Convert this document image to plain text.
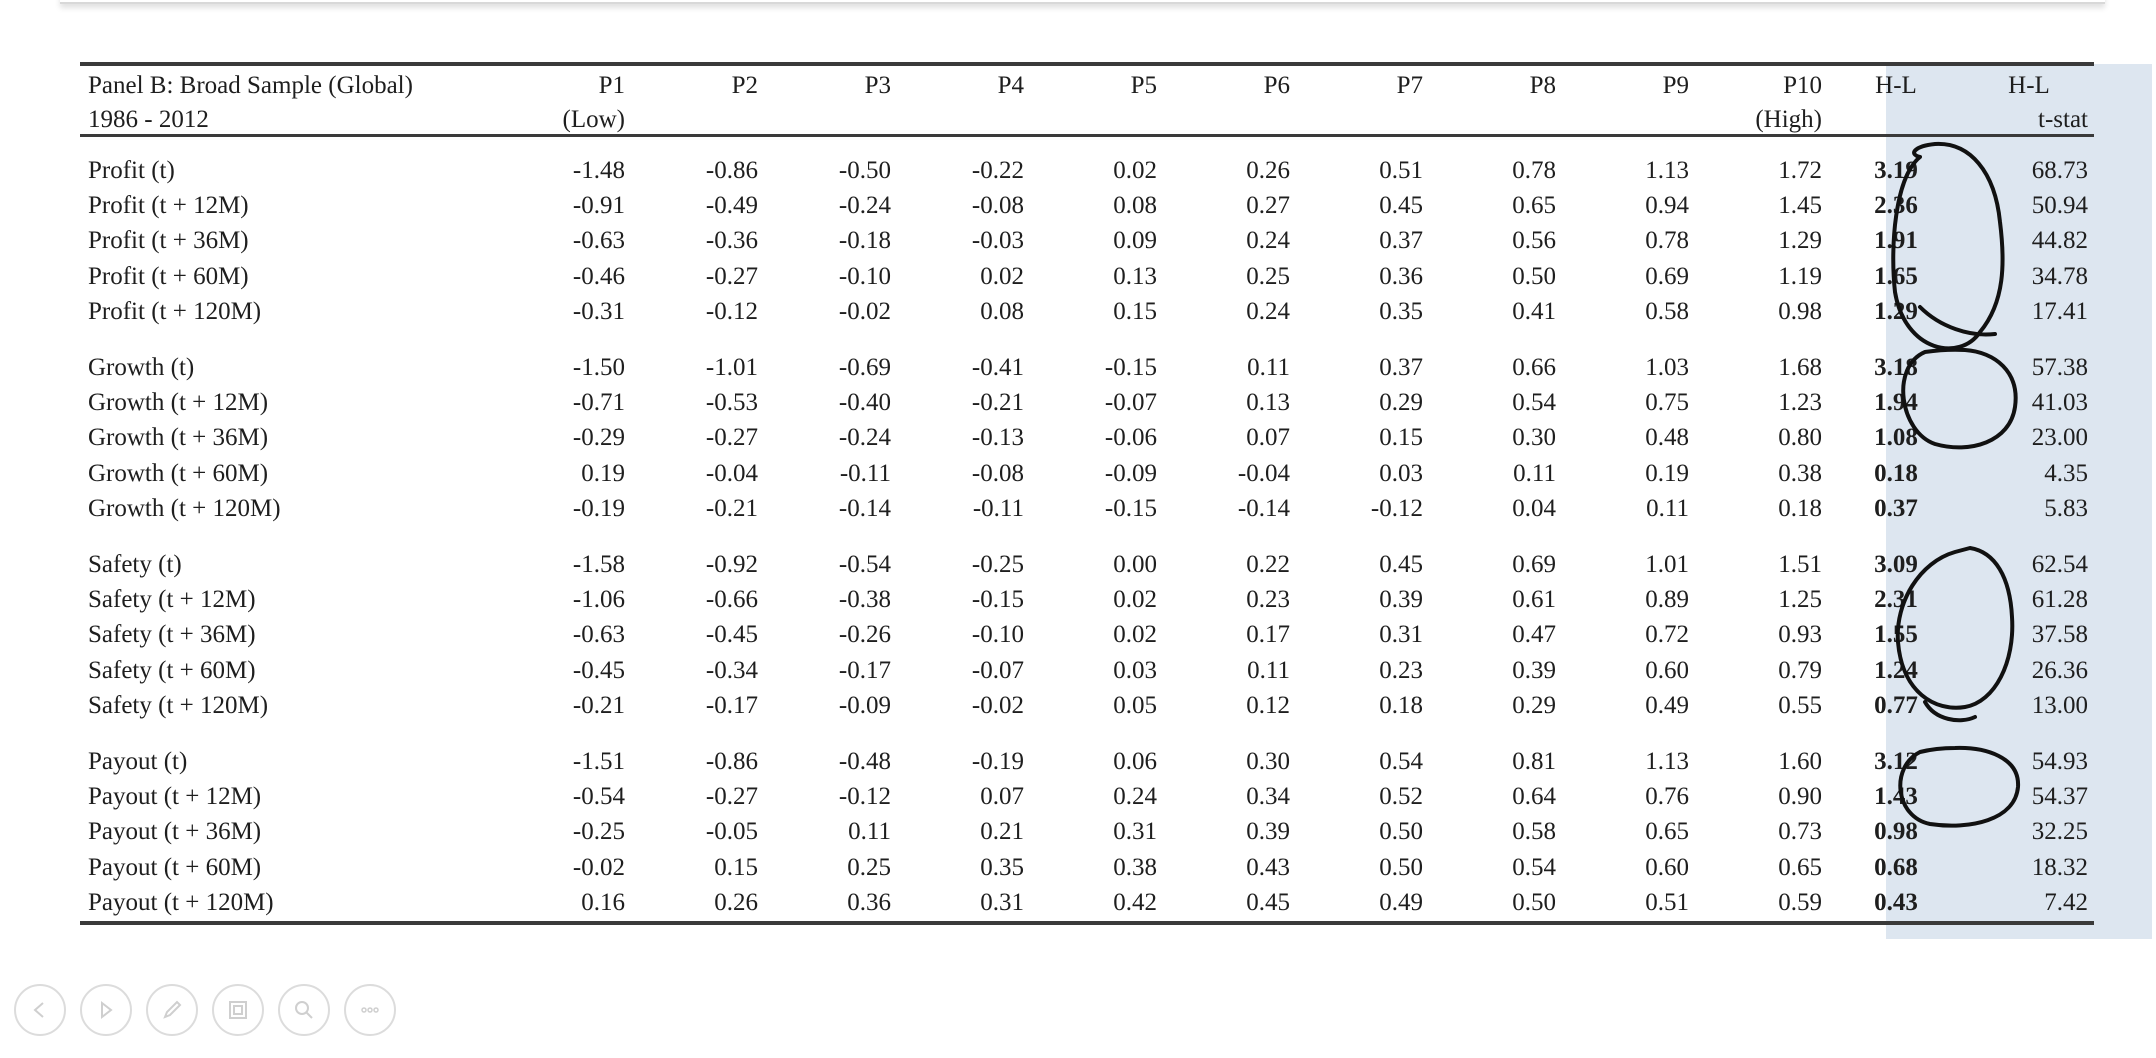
Panel B: Broad Sample (Global)	P1	P2	P3	P4	P5	P6	P7	P8	P9	P10	H-L	H-L
1986 - 2012	(Low)									(High)		t-stat

Profit (t)	-1.48	-0.86	-0.50	-0.22	0.02	0.26	0.51	0.78	1.13	1.72	3.19	68.73
Profit (t + 12M)	-0.91	-0.49	-0.24	-0.08	0.08	0.27	0.45	0.65	0.94	1.45	2.36	50.94
Profit (t + 36M)	-0.63	-0.36	-0.18	-0.03	0.09	0.24	0.37	0.56	0.78	1.29	1.91	44.82
Profit (t + 60M)	-0.46	-0.27	-0.10	0.02	0.13	0.25	0.36	0.50	0.69	1.19	1.65	34.78
Profit (t + 120M)	-0.31	-0.12	-0.02	0.08	0.15	0.24	0.35	0.41	0.58	0.98	1.29	17.41

Growth (t)	-1.50	-1.01	-0.69	-0.41	-0.15	0.11	0.37	0.66	1.03	1.68	3.18	57.38
Growth (t + 12M)	-0.71	-0.53	-0.40	-0.21	-0.07	0.13	0.29	0.54	0.75	1.23	1.94	41.03
Growth (t + 36M)	-0.29	-0.27	-0.24	-0.13	-0.06	0.07	0.15	0.30	0.48	0.80	1.08	23.00
Growth (t + 60M)	0.19	-0.04	-0.11	-0.08	-0.09	-0.04	0.03	0.11	0.19	0.38	0.18	4.35
Growth (t + 120M)	-0.19	-0.21	-0.14	-0.11	-0.15	-0.14	-0.12	0.04	0.11	0.18	0.37	5.83

Safety (t)	-1.58	-0.92	-0.54	-0.25	0.00	0.22	0.45	0.69	1.01	1.51	3.09	62.54
Safety (t + 12M)	-1.06	-0.66	-0.38	-0.15	0.02	0.23	0.39	0.61	0.89	1.25	2.31	61.28
Safety (t + 36M)	-0.63	-0.45	-0.26	-0.10	0.02	0.17	0.31	0.47	0.72	0.93	1.55	37.58
Safety (t + 60M)	-0.45	-0.34	-0.17	-0.07	0.03	0.11	0.23	0.39	0.60	0.79	1.24	26.36
Safety (t + 120M)	-0.21	-0.17	-0.09	-0.02	0.05	0.12	0.18	0.29	0.49	0.55	0.77	13.00

Payout (t)	-1.51	-0.86	-0.48	-0.19	0.06	0.30	0.54	0.81	1.13	1.60	3.12	54.93
Payout (t + 12M)	-0.54	-0.27	-0.12	0.07	0.24	0.34	0.52	0.64	0.76	0.90	1.43	54.37
Payout (t + 36M)	-0.25	-0.05	0.11	0.21	0.31	0.39	0.50	0.58	0.65	0.73	0.98	32.25
Payout (t + 60M)	-0.02	0.15	0.25	0.35	0.38	0.43	0.50	0.54	0.60	0.65	0.68	18.32
Payout (t + 120M)	0.16	0.26	0.36	0.31	0.42	0.45	0.49	0.50	0.51	0.59	0.43	7.42
